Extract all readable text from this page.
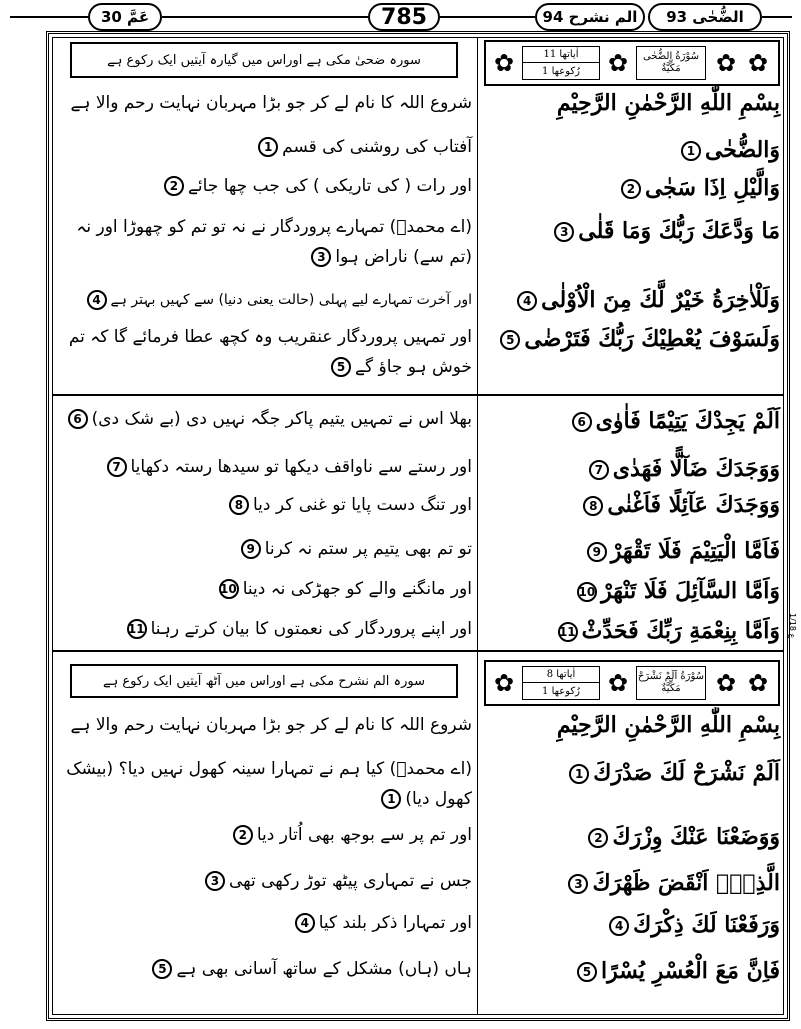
عَمَّ 30	785	الم نشرح 94	الضُّحٰی 93
سورہ ضحیٰ مکی ہے اوراس میں گیارہ آیتیں ایک رکوع ہے	✿	اٰیاتها 11
رُکوعها 1	✿	سُوْرَةُ الضُّحٰى مَكِّيَّةٌ	✿ ✿
بِسْمِ اللّٰهِ الرَّحْمٰنِ الرَّحِیْمِ
شروع اللہ کا نام لے کر جو بڑا مہربان نہایت رحم والا ہے
وَالضُّحٰی1
آفتاب کی روشنی کی قسم1
وَالَّیْلِ اِذَا سَجٰی2
اور رات ( کی تاریکی ) کی جب چھا جائے2
مَا وَدَّعَكَ رَبُّكَ وَمَا قَلٰی3
(اے محمدؐ) تمہارے پروردگار نے نہ تو تم کو چھوڑا اور نہ (تم سے) ناراض ہوا3
وَلَلْاٰخِرَةُ خَیْرٌ لَّكَ مِنَ الْاُوْلٰی4
اور آخرت تمہارے لیے پہلی (حالت یعنی دنیا) سے کہیں بہتر ہے4
وَلَسَوْفَ یُعْطِیْكَ رَبُّكَ فَتَرْضٰی5
اور تمہیں پروردگار عنقریب وہ کچھ عطا فرمائے گا کہ تم خوش ہو جاؤ گے5
اَلَمْ یَجِدْكَ یَتِیْمًا فَاٰوٰی6
بھلا اس نے تمہیں یتیم پاکر جگہ نہیں دی (بے شک دی)6
وَوَجَدَكَ ضَآلًّا فَهَدٰی7
اور رستے سے ناواقف دیکھا تو سیدھا رستہ دکھایا7
وَوَجَدَكَ عَآئِلًا فَاَغْنٰی8
اور تنگ دست پایا تو غنی کر دیا8
فَاَمَّا الْیَتِیْمَ فَلَا تَقْهَرْ9
تو تم بھی یتیم پر ستم نہ کرنا9
وَاَمَّا السَّآئِلَ فَلَا تَنْهَرْ10
اور مانگنے والے کو جھڑکی نہ دینا10
وَاَمَّا بِنِعْمَةِ رَبِّكَ فَحَدِّثْ11
اور اپنے پروردگار کی نعمتوں کا بیان کرتے رہنا11	ع 1/18
سورہ الم نشرح مکی ہے اوراس میں آٹھ آیتیں ایک رکوع ہے	✿	اٰیاتها 8
رُکوعها 1	✿ سُوْرَةُ اَلَمْ نَشْرَحْ مَكِّيَّةٌ	✿ ✿
بِسْمِ اللّٰهِ الرَّحْمٰنِ الرَّحِیْمِ
شروع اللہ کا نام لے کر جو بڑا مہربان نہایت رحم والا ہے
اَلَمْ نَشْرَحْ لَكَ صَدْرَكَ1
(اے محمدؐ) کیا ہم نے تمہارا سینہ کھول نہیں دیا؟ (بیشک کھول دیا)1
وَوَضَعْنَا عَنْكَ وِزْرَكَ2
اور تم پر سے بوجھ بھی اُتار دیا2
الَّذِیْۤ اَنْقَضَ ظَهْرَكَ3
جس نے تمہاری پیٹھ توڑ رکھی تھی3
وَرَفَعْنَا لَكَ ذِكْرَكَ4
اور تمہارا ذکر بلند کیا4
فَاِنَّ مَعَ الْعُسْرِ یُسْرًا5
ہاں (ہاں) مشکل کے ساتھ آسانی بھی ہے5
